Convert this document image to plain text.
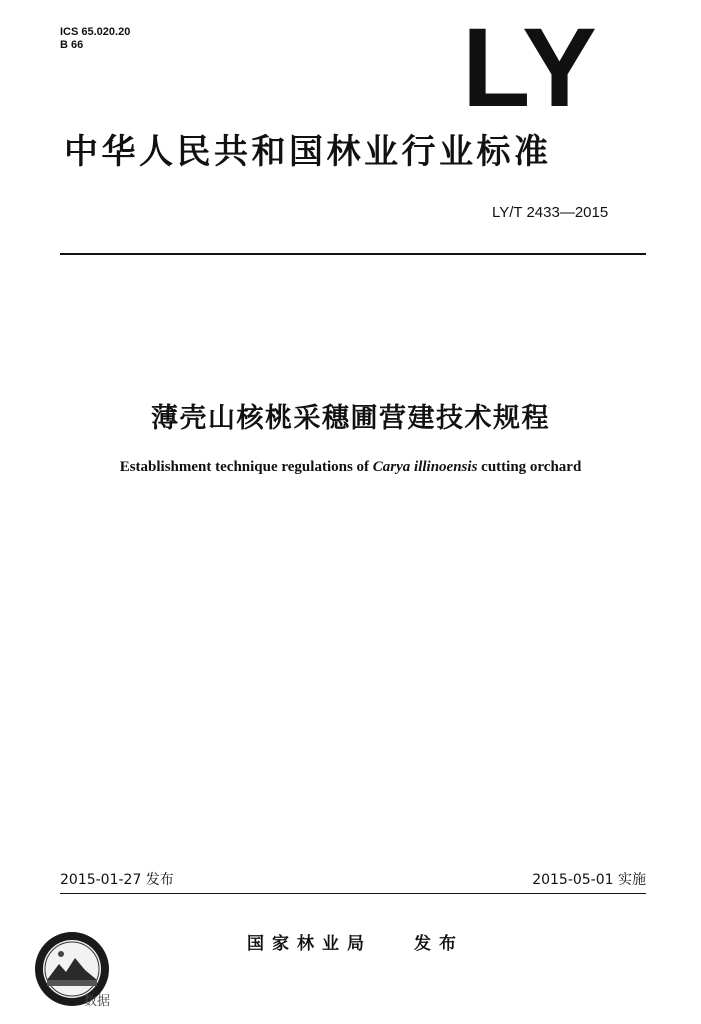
ICS 65.020.20
B 66	LY
中华人民共和国林业行业标准
LY/T 2433—2015
薄壳山核桃采穗圃营建技术规程
Establishment technique regulations of Carya illinoensis cutting orchard
2015-01-27 发布	2015-05-01 实施
国家林业局 发布
数据
